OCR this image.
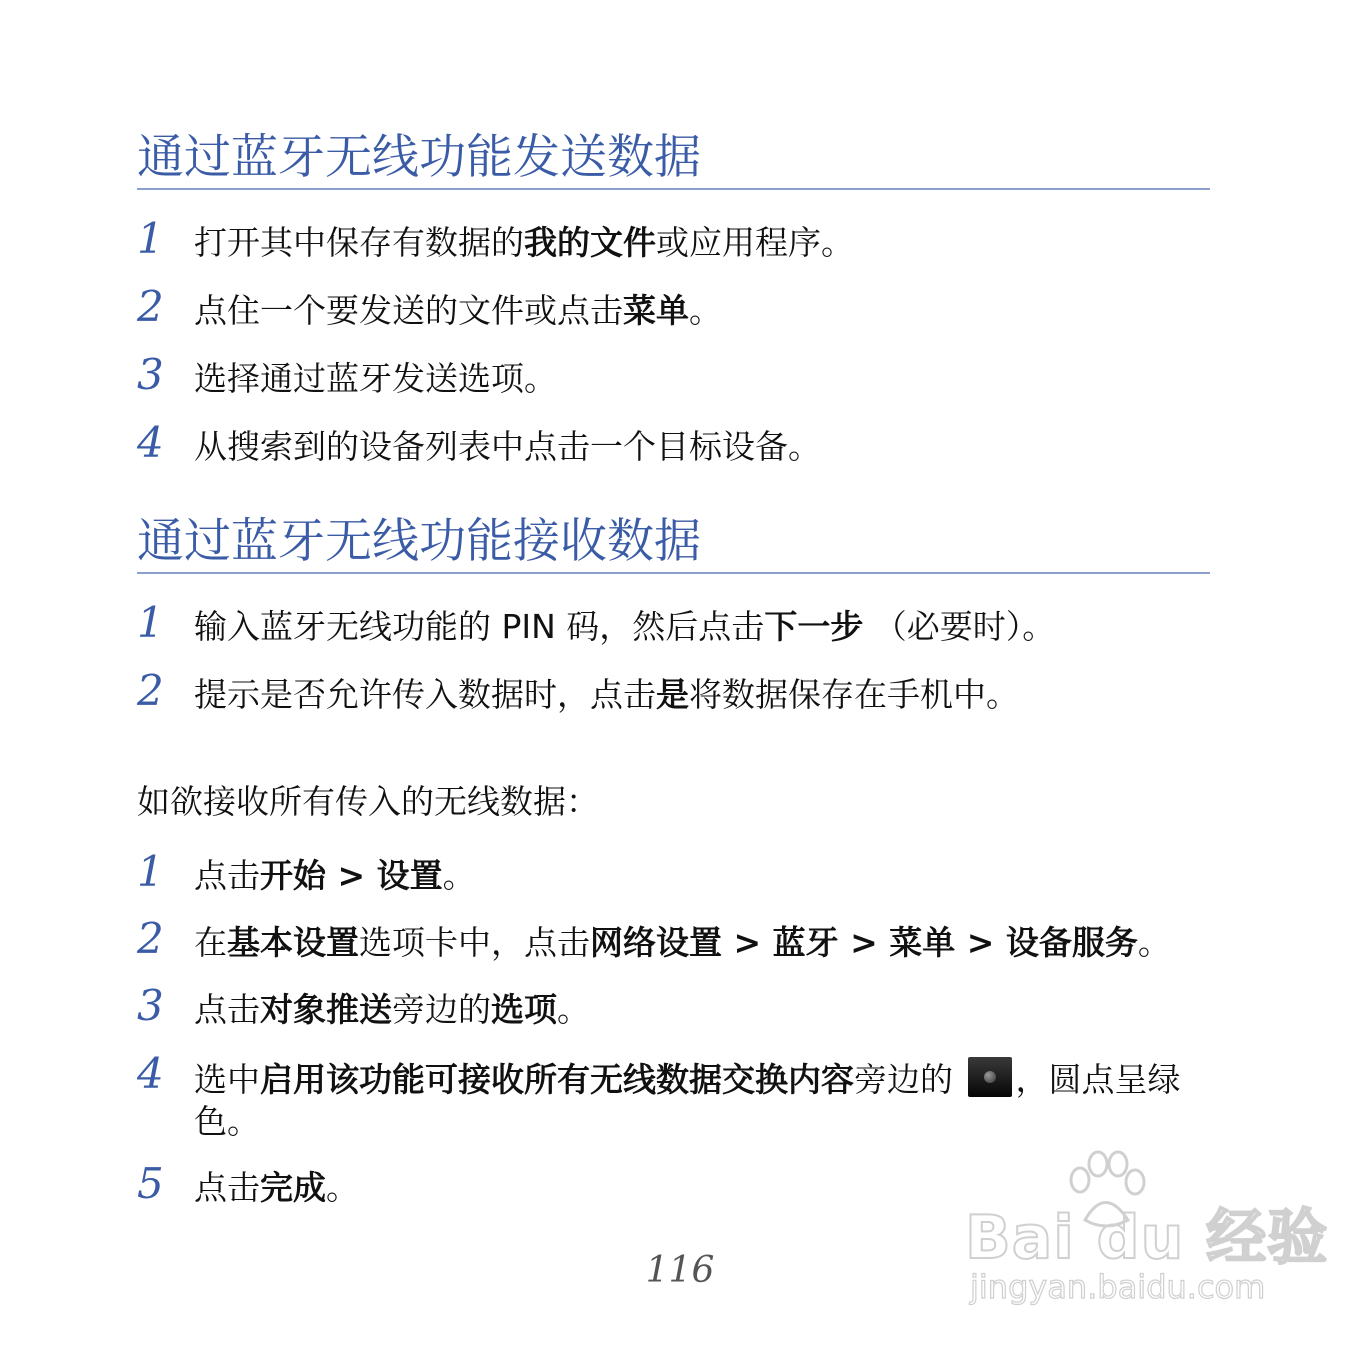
通过蓝牙无线功能发送数据
1 打开其中保存有数据的我的文件或应用程序。
2 点住一个要发送的文件或点击菜单。
3 选择通过蓝牙发送选项。
4 从搜索到的设备列表中点击一个目标设备。
通过蓝牙无线功能接收数据
1 输入蓝牙无线功能的 PIN 码，然后点击下一步 （必要时）。
2 提示是否允许传入数据时，点击是将数据保存在手机中。
如欲接收所有传入的无线数据：
1 点击开始 > 设置。
2 在基本设置选项卡中，点击网络设置 > 蓝牙 > 菜单 > 设备服务。
3 点击对象推送旁边的选项。
4 选中启用该功能可接收所有无线数据交换内容旁边的 ，圆点呈绿色。
5 点击完成。
Bai du 经验
jingyan.baidu.com
116
